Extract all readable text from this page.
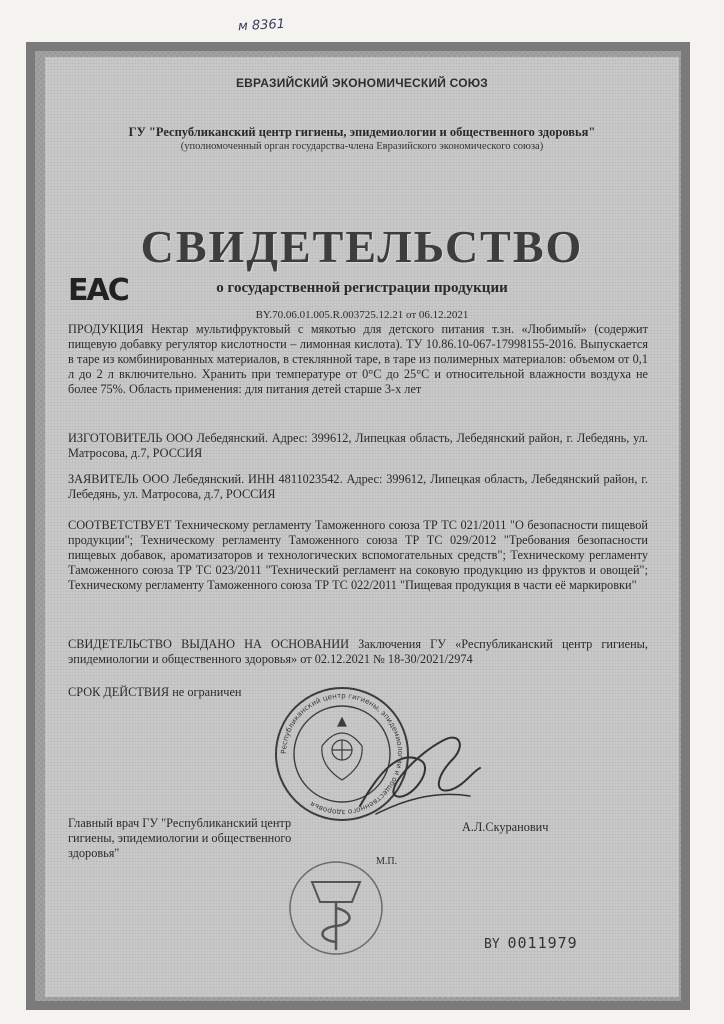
м 8361
ЕВРАЗИЙСКИЙ ЭКОНОМИЧЕСКИЙ СОЮЗ
ГУ "Республиканский центр гигиены, эпидемиологии и общественного здоровья"
(уполномоченный орган государства-члена Евразийского экономического союза)
СВИДЕТЕЛЬСТВО
EAC	о государственной регистрации продукции
BY.70.06.01.005.R.003725.12.21 от 06.12.2021
ПРОДУКЦИЯ Нектар мультифруктовый с мякотью для детского питания т.зн. «Любимый» (содержит пищевую добавку регулятор кислотности – лимонная кислота). ТУ 10.86.10-067-17998155-2016. Выпускается в таре из комбинированных материалов, в стеклянной таре, в таре из полимерных материалов: объемом от 0,1 л до 2 л включительно. Хранить при температуре от 0°С до 25°С и относительной влажности воздуха не более 75%. Область применения: для питания детей старше 3-х лет
ИЗГОТОВИТЕЛЬ ООО Лебедянский. Адрес: 399612, Липецкая область, Лебедянский район, г. Лебедянь, ул. Матросова, д.7, РОССИЯ
ЗАЯВИТЕЛЬ ООО Лебедянский. ИНН 4811023542. Адрес: 399612, Липецкая область, Лебедянский район, г. Лебедянь, ул. Матросова, д.7, РОССИЯ
СООТВЕТСТВУЕТ Техническому регламенту Таможенного союза ТР ТС 021/2011 "О безопасности пищевой продукции"; Техническому регламенту Таможенного союза ТР ТС 029/2012 "Требования безопасности пищевых добавок, ароматизаторов и технологических вспомогательных средств"; Техническому регламенту Таможенного союза ТР ТС 023/2011 "Технический регламент на соковую продукцию из фруктов и овощей"; Техническому регламенту Таможенного союза ТР ТС 022/2011 "Пищевая продукция в части её маркировки"
СВИДЕТЕЛЬСТВО ВЫДАНО НА ОСНОВАНИИ Заключения ГУ «Республиканский центр гигиены, эпидемиологии и общественного здоровья» от 02.12.2021 № 18-30/2021/2974
СРОК ДЕЙСТВИЯ не ограничен
Республиканский центр гигиены, эпидемиологии и общественного здоровья
Главный врач ГУ "Республиканский центр гигиены, эпидемиологии и общественного здоровья"
А.Л.Скуранович
М.П.
BY 0011979
